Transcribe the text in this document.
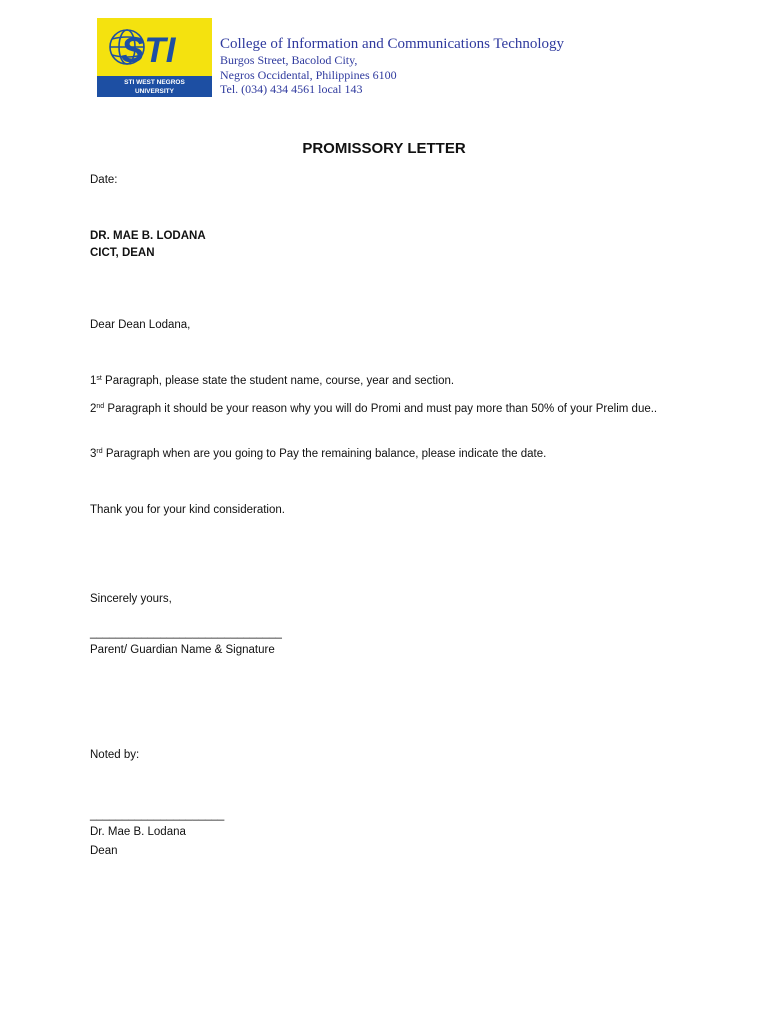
STI
STI WEST NEGROS
UNIVERSITY
College of Information and Communications Technology
Burgos Street, Bacolod City,
Negros Occidental, Philippines 6100
Tel. (034) 434 4561 local 143
PROMISSORY LETTER
Date:
DR. MAE B. LODANA
CICT, DEAN
Dear Dean Lodana,
1st Paragraph, please state the student name, course, year and section.
2nd Paragraph it should be your reason why you will do Promi and must pay more than 50% of your Prelim due..
3rd Paragraph when are you going to Pay the remaining balance, please indicate the date.
Thank you for your kind consideration.
Sincerely yours,
______________________________
Parent/ Guardian Name & Signature
Noted by:
_____________________
Dr. Mae B. Lodana
Dean
